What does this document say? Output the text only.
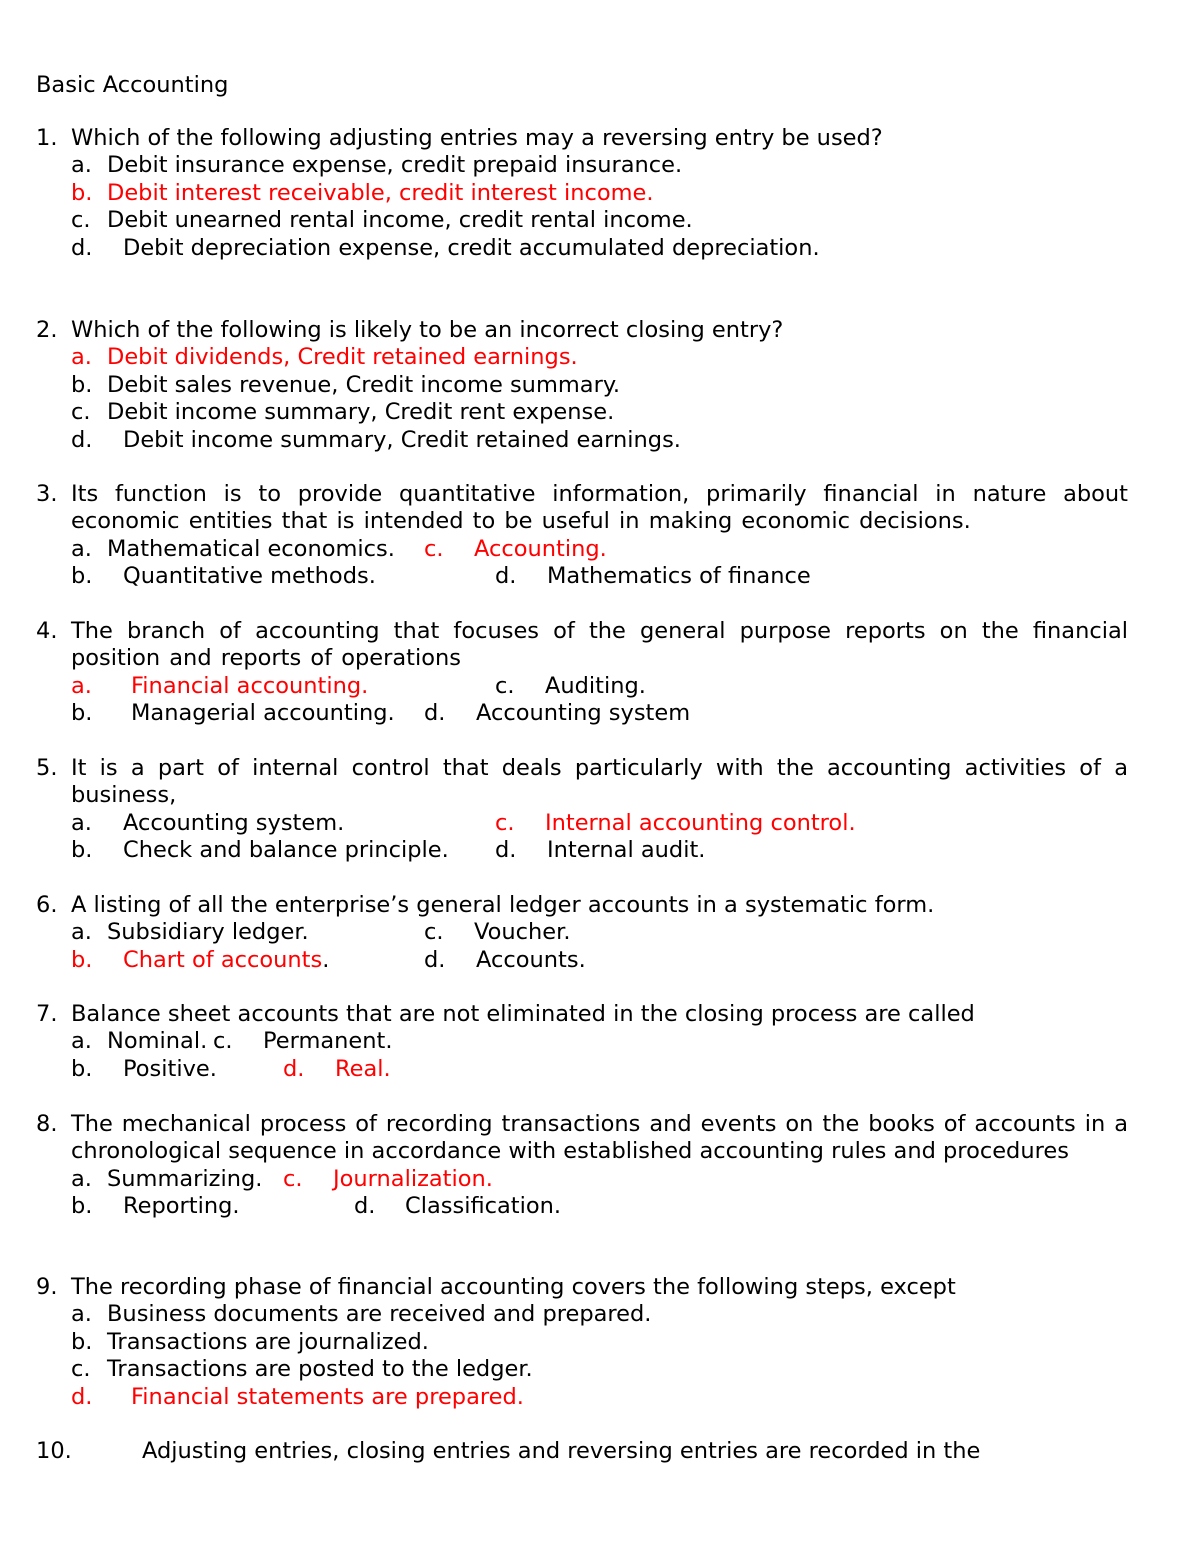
Basic Accounting
1. Which of the following adjusting entries may a reversing entry be used?
a. Debit insurance expense, credit prepaid insurance.
b. Debit interest receivable, credit interest income.
c. Debit unearned rental income, credit rental income.
d. Debit depreciation expense, credit accumulated depreciation.
2. Which of the following is likely to be an incorrect closing entry?
a. Debit dividends, Credit retained earnings.
b. Debit sales revenue, Credit income summary.
c. Debit income summary, Credit rent expense.
d. Debit income summary, Credit retained earnings.
3. Its function is to provide quantitative information, primarily financial in nature about economic entities that is intended to be useful in making economic decisions.
a. Mathematical economics. c. Accounting.
b. Quantitative methods.	d. Mathematics of finance
4. The branch of accounting that focuses of the general purpose reports on the financial position and reports of operations
a. Financial accounting.	c. Auditing.
b. Managerial accounting. d. Accounting system
5. It is a part of internal control that deals particularly with the accounting activities of a business,
a. Accounting system.	c. Internal accounting control.
b. Check and balance principle. d. Internal audit.
6. A listing of all the enterprise’s general ledger accounts in a systematic form.
a. Subsidiary ledger.	c. Voucher.
b. Chart of accounts.	d. Accounts.
7. Balance sheet accounts that are not eliminated in the closing process are called
a. Nominal. c. Permanent.
b. Positive.	d. Real.
8. The mechanical process of recording transactions and events on the books of accounts in a chronological sequence in accordance with established accounting rules and procedures
a. Summarizing. c. Journalization.
b. Reporting.	d. Classification.
9. The recording phase of financial accounting covers the following steps, except
a. Business documents are received and prepared.
b. Transactions are journalized.
c. Transactions are posted to the ledger.
d. Financial statements are prepared.
10.	Adjusting entries, closing entries and reversing entries are recorded in the
